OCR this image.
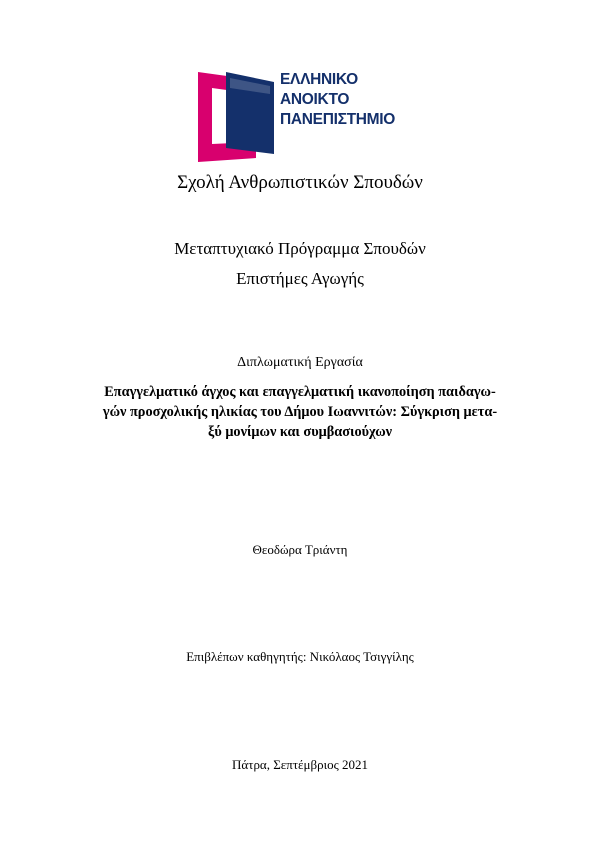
ΕΛΛΗΝΙΚΟ
ΑΝΟΙΚΤΟ
ΠΑΝΕΠΙΣΤΗΜΙΟ
Σχολή Ανθρωπιστικών Σπουδών
Μεταπτυχιακό Πρόγραμμα Σπουδών
Επιστήμες Αγωγής
Διπλωματική Εργασία
Επαγγελματικό άγχος και επαγγελματική ικανοποίηση παιδαγω-
γών προσχολικής ηλικίας του Δήμου Ιωαννιτών: Σύγκριση μετα-
ξύ μονίμων και συμβασιούχων
Θεοδώρα Τριάντη
Επιβλέπων καθηγητής: Νικόλαος Τσιγγίλης
Πάτρα, Σεπτέμβριος 2021
